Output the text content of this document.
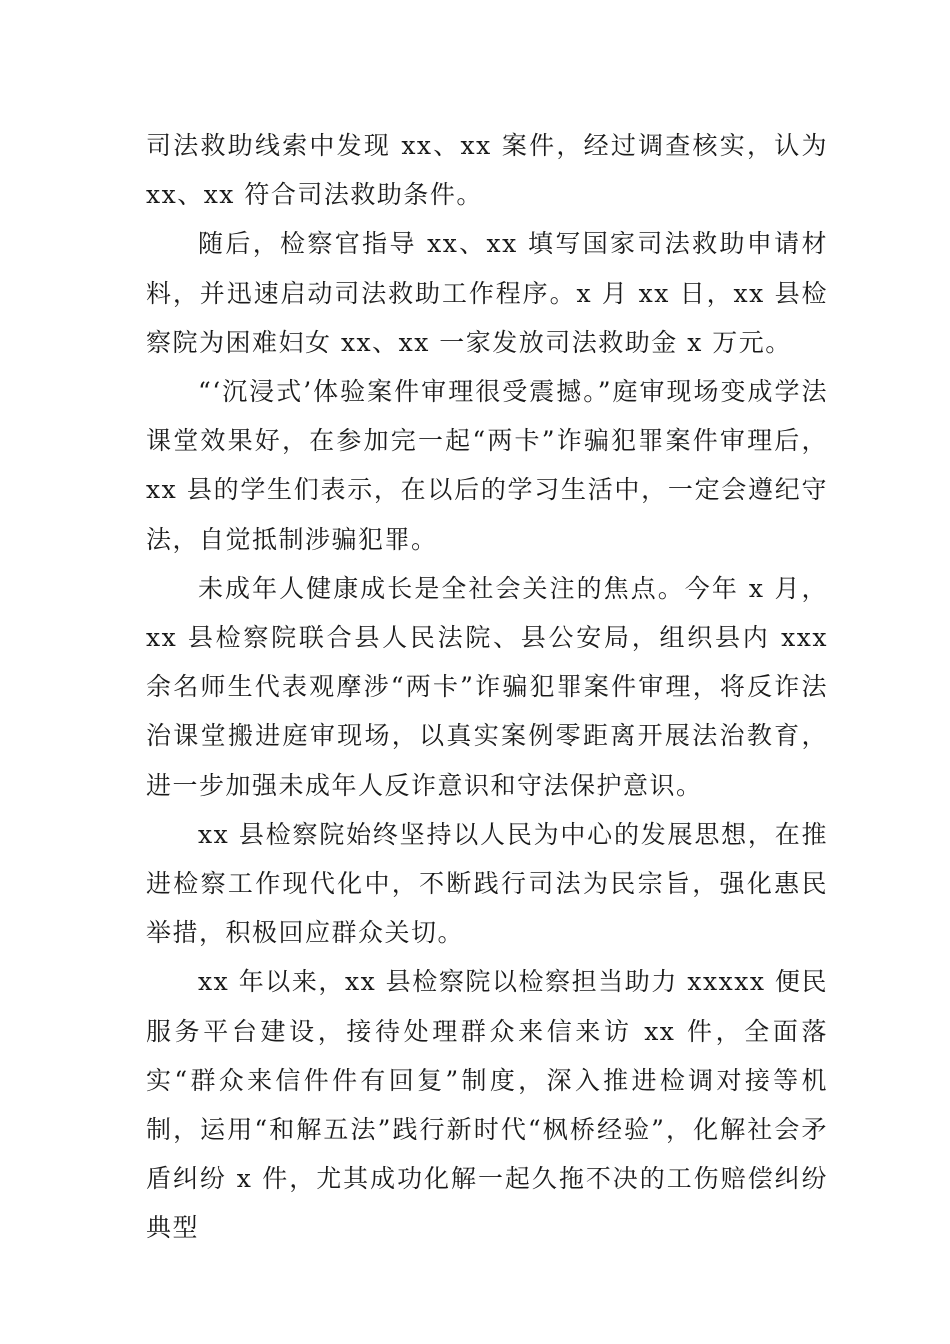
司法救助线索中发现 xx、xx 案件，经过调查核实，认为 xx、xx 符合司法救助条件。

随后，检察官指导 xx、xx 填写国家司法救助申请材料，并迅速启动司法救助工作程序。x 月 xx 日，xx 县检察院为困难妇女 xx、xx 一家发放司法救助金 x 万元。

“‘沉浸式’体验案件审理很受震撼。”庭审现场变成学法课堂效果好，在参加完一起“两卡”诈骗犯罪案件审理后，xx 县的学生们表示，在以后的学习生活中，一定会遵纪守法，自觉抵制涉骗犯罪。

未成年人健康成长是全社会关注的焦点。今年 x 月，xx 县检察院联合县人民法院、县公安局，组织县内 xxx 余名师生代表观摩涉“两卡”诈骗犯罪案件审理，将反诈法治课堂搬进庭审现场，以真实案例零距离开展法治教育，进一步加强未成年人反诈意识和守法保护意识。

xx 县检察院始终坚持以人民为中心的发展思想，在推进检察工作现代化中，不断践行司法为民宗旨，强化惠民举措，积极回应群众关切。

xx 年以来，xx 县检察院以检察担当助力 xxxxx 便民服务平台建设，接待处理群众来信来访 xx 件，全面落实“群众来信件件有回复”制度，深入推进检调对接等机制，运用“和解五法”践行新时代“枫桥经验”，化解社会矛盾纠纷 x 件，尤其成功化解一起久拖不决的工伤赔偿纠纷典型
